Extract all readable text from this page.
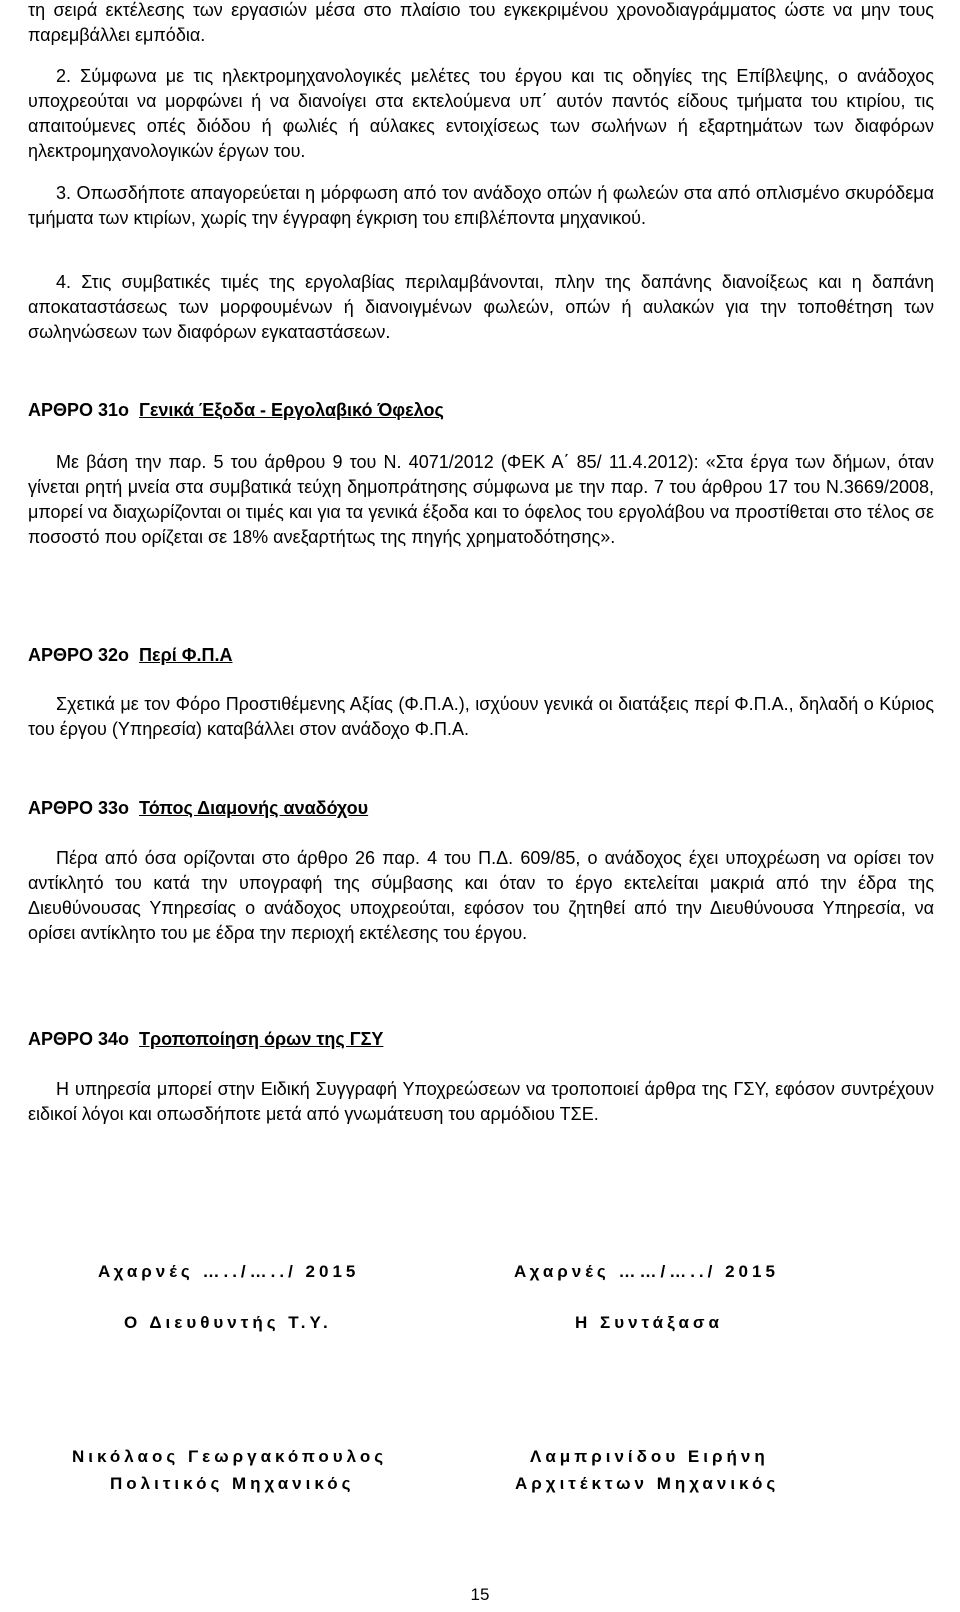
τη σειρά εκτέλεσης των εργασιών μέσα στο πλαίσιο του εγκεκριμένου χρονοδιαγράμματος ώστε να μην τους παρεμβάλλει εμπόδια.

2. Σύμφωνα με τις ηλεκτρομηχανολογικές μελέτες του έργου και τις οδηγίες της Επίβλεψης, ο ανάδοχος υποχρεούται να μορφώνει ή να διανοίγει στα εκτελούμενα υπ΄ αυτόν παντός είδους τμήματα του κτιρίου, τις απαιτούμενες οπές διόδου ή φωλιές ή αύλακες εντοιχίσεως των σωλήνων ή εξαρτημάτων των διαφόρων ηλεκτρομηχανολογικών έργων του.

3. Οπωσδήποτε απαγορεύεται η μόρφωση από τον ανάδοχο οπών ή φωλεών στα από οπλισμένο σκυρόδεμα τμήματα των κτιρίων, χωρίς την έγγραφη έγκριση του επιβλέποντα μηχανικού.

4. Στις συμβατικές τιμές της εργολαβίας περιλαμβάνονται, πλην της δαπάνης διανοίξεως και η δαπάνη αποκαταστάσεως των μορφουμένων ή διανοιγμένων φωλεών, οπών ή αυλακών για την τοποθέτηση των σωληνώσεων των διαφόρων εγκαταστάσεων.

ΑΡΘΡΟ 31ο Γενικά Έξοδα - Εργολαβικό Όφελος

Με βάση την παρ. 5 του άρθρου 9 του Ν. 4071/2012 (ΦΕΚ Α΄ 85/ 11.4.2012): «Στα έργα των δήμων, όταν γίνεται ρητή μνεία στα συμβατικά τεύχη δημοπράτησης σύμφωνα με την παρ. 7 του άρθρου 17 του Ν.3669/2008, μπορεί να διαχωρίζονται οι τιμές και για τα γενικά έξοδα και το όφελος του εργολάβου να προστίθεται στο τέλος σε ποσοστό που ορίζεται σε 18% ανεξαρτήτως της πηγής χρηματοδότησης».

ΑΡΘΡΟ 32ο Περί Φ.Π.Α

Σχετικά με τον Φόρο Προστιθέμενης Αξίας (Φ.Π.Α.), ισχύουν γενικά οι διατάξεις περί Φ.Π.Α., δηλαδή ο Κύριος του έργου (Υπηρεσία) καταβάλλει στον ανάδοχο Φ.Π.Α.

ΑΡΘΡΟ 33ο Τόπος Διαμονής αναδόχου

Πέρα από όσα ορίζονται στο άρθρο 26 παρ. 4 του Π.Δ. 609/85, ο ανάδοχος έχει υποχρέωση να ορίσει τον αντίκλητό του κατά την υπογραφή της σύμβασης και όταν το έργο εκτελείται μακριά από την έδρα της Διευθύνουσας Υπηρεσίας ο ανάδοχος υποχρεούται, εφόσον του ζητηθεί από την Διευθύνουσα Υπηρεσία, να ορίσει αντίκλητο του με έδρα την περιοχή εκτέλεσης του έργου.

ΑΡΘΡΟ 34ο Τροποποίηση όρων της ΓΣΥ

Η υπηρεσία μπορεί στην Ειδική Συγγραφή Υποχρεώσεων να τροποποιεί άρθρα της ΓΣΥ, εφόσον συντρέχουν ειδικοί λόγοι και οπωσδήποτε μετά από γνωμάτευση του αρμόδιου ΤΣΕ.

Αχαρνές …../…../ 2015

Ο Διευθυντής Τ.Υ.

Νικόλαος Γεωργακόπουλος

Πολιτικός Μηχανικός

Αχαρνές ……/…../ 2015

Η Συντάξασα

Λαμπρινίδου Ειρήνη

Αρχιτέκτων Μηχανικός

15
